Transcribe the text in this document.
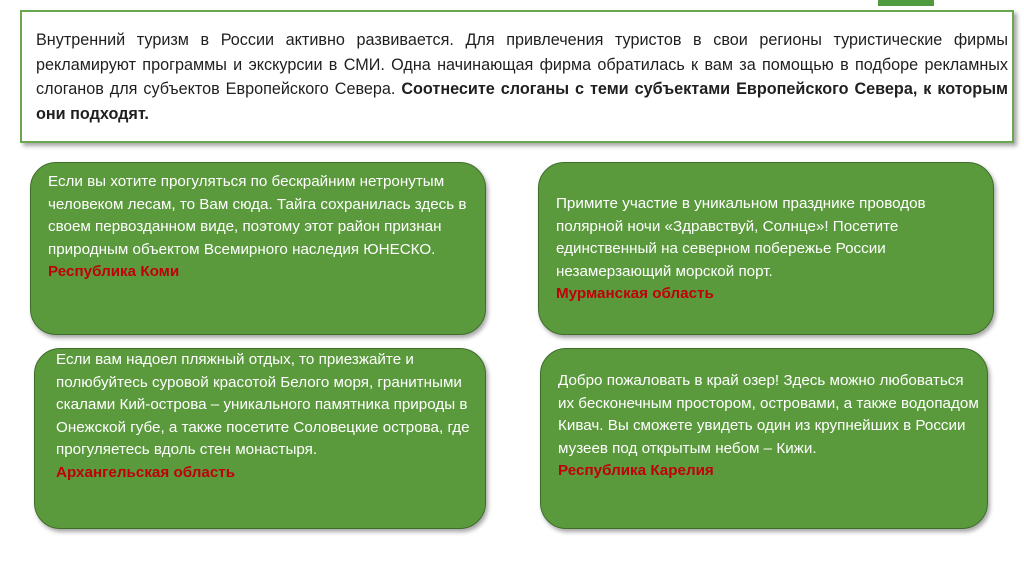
Внутренний туризм в России активно развивается. Для привлечения туристов в свои регионы туристические фирмы рекламируют программы и экскурсии в СМИ. Одна начинающая фирма обратилась к вам за помощью в подборе рекламных слоганов для субъектов Европейского Севера. Соотнесите слоганы с теми субъектами Европейского Севера, к которым они подходят.
Если вы хотите прогуляться по бескрайним нетронутым человеком лесам, то Вам сюда. Тайга сохранилась здесь в своем первозданном виде, поэтому этот район признан природным объектом Всемирного наследия ЮНЕСКО.
Республика Коми
Примите участие в уникальном празднике проводов полярной ночи «Здравствуй, Солнце»! Посетите единственный на северном побережье России незамерзающий морской порт.
Мурманская область
Если вам надоел пляжный отдых, то приезжайте и полюбуйтесь суровой красотой Белого моря, гранитными скалами Кий-острова – уникального памятника природы в Онежской губе, а также посетите Соловецкие острова, где прогуляетесь вдоль стен монастыря.
Архангельская область
Добро пожаловать в край озер! Здесь можно любоваться их бесконечным простором, островами, а также водопадом Кивач. Вы сможете увидеть один из крупнейших в России музеев под открытым небом – Кижи.
Республика Карелия
